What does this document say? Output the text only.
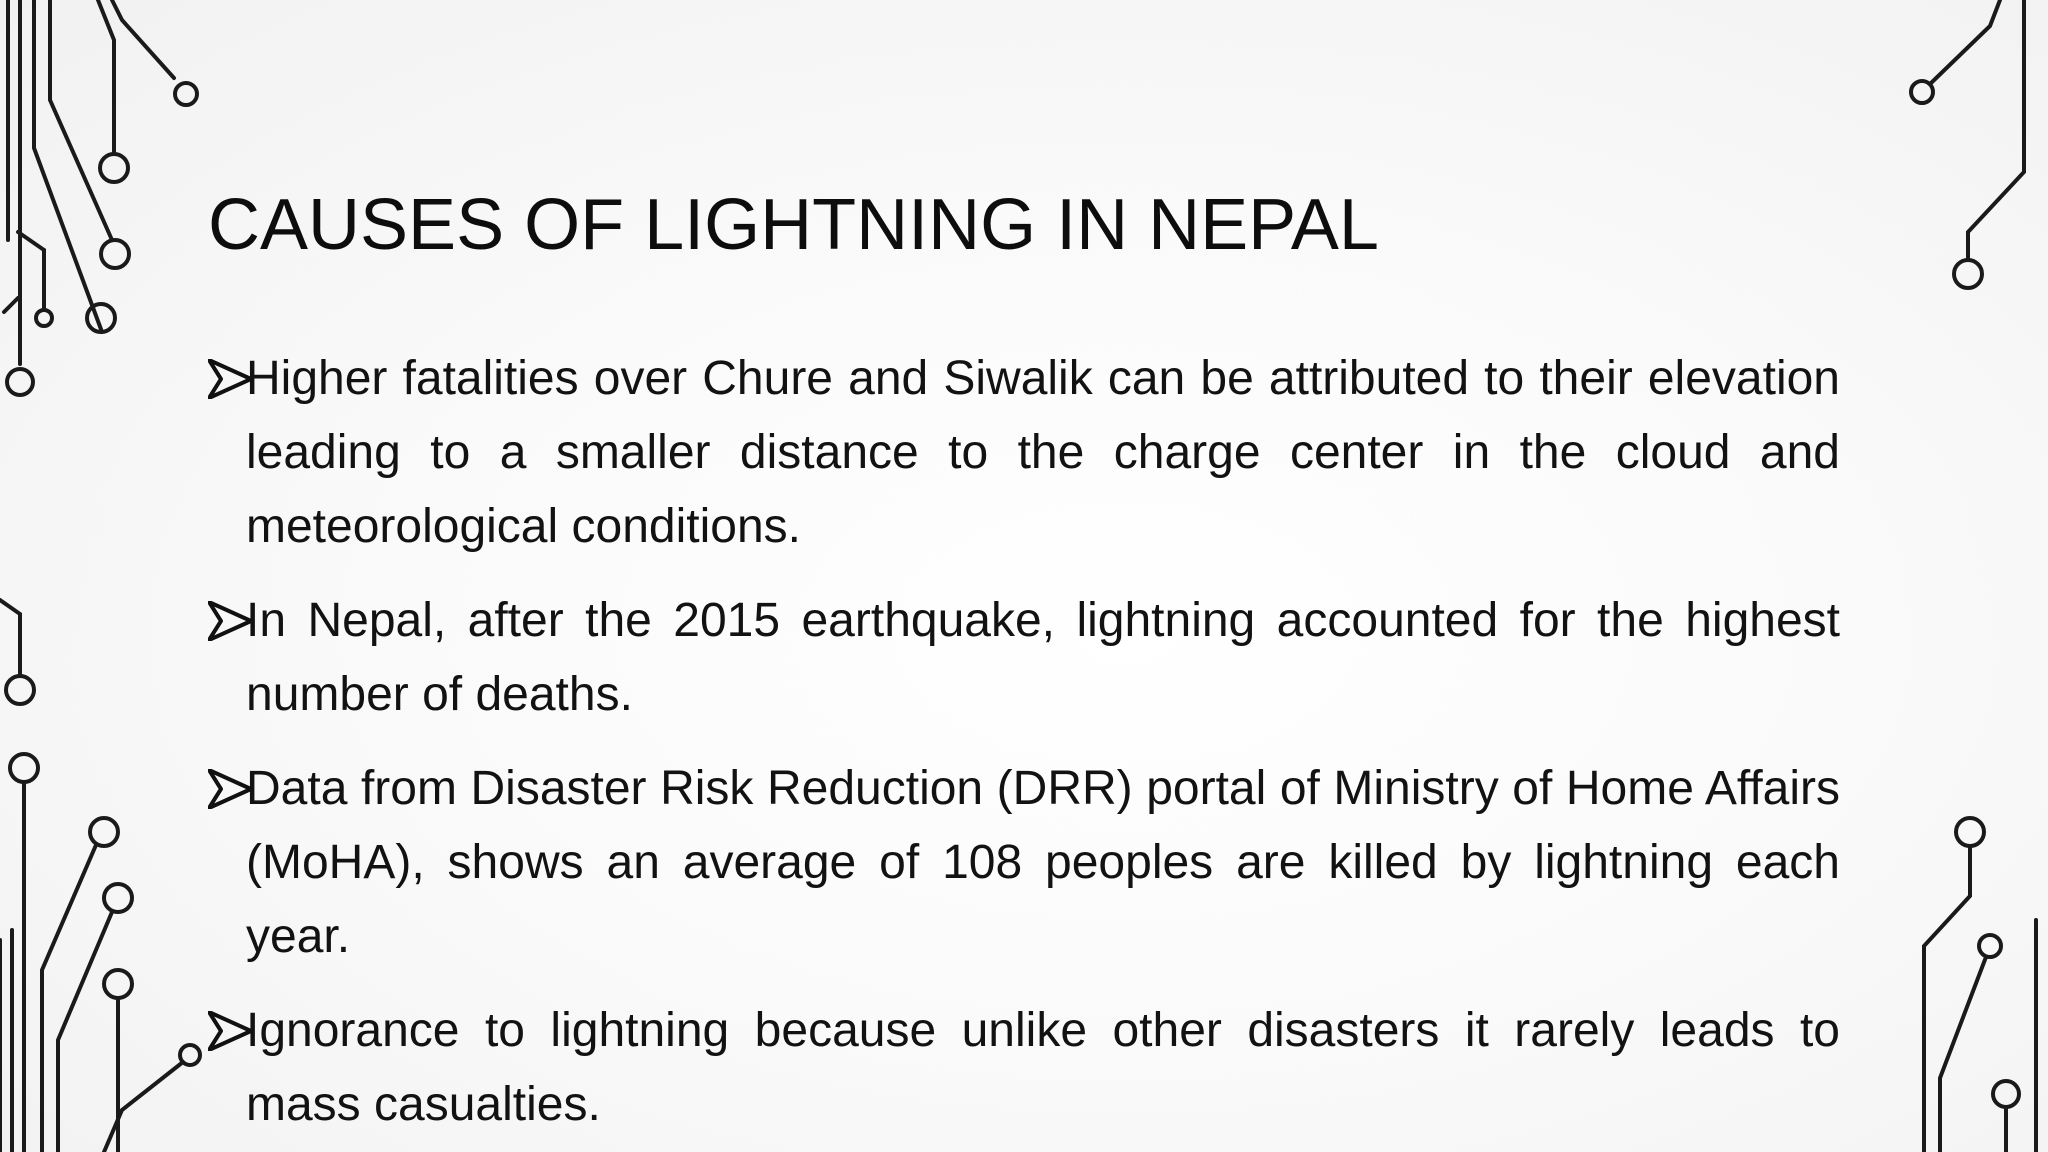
CAUSES OF LIGHTNING IN NEPAL
Higher fatalities over Chure and Siwalik can be attributed to their elevation leading to a smaller distance to the charge center in the cloud and meteorological conditions.
In Nepal, after the 2015 earthquake, lightning accounted for the highest number of deaths.
Data from Disaster Risk Reduction (DRR) portal of Ministry of Home Affairs (MoHA), shows an average of 108 peoples are killed by lightning each year.
Ignorance to lightning because unlike other disasters it rarely leads to mass casualties.
